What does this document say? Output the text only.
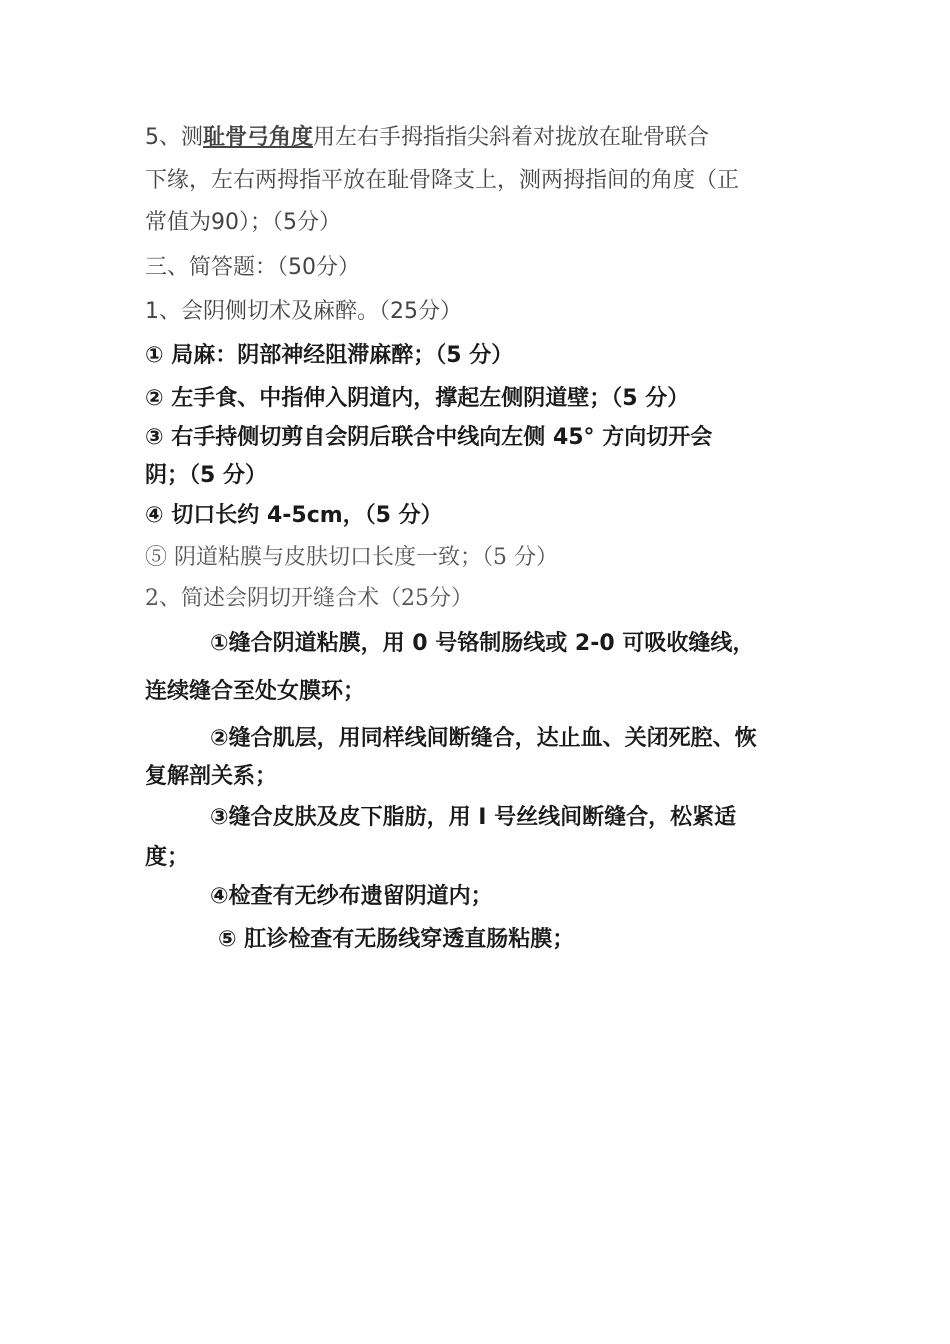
5、测耻骨弓角度用左右手拇指指尖斜着对拢放在耻骨联合
下缘，左右两拇指平放在耻骨降支上，测两拇指间的角度（正
常值为90）；（5分）
三、简答题：（50分）
1、会阴侧切术及麻醉。（25分）
① 局麻：阴部神经阻滞麻醉；（5 分）
② 左手食、中指伸入阴道内，撑起左侧阴道壁；（5 分）
③ 右手持侧切剪自会阴后联合中线向左侧 45° 方向切开会
阴；（5 分）
④ 切口长约 4-5cm，（5 分）
⑤ 阴道粘膜与皮肤切口长度一致；（5 分）
2、简述会阴切开缝合术（25分）
①缝合阴道粘膜，用 0 号铬制肠线或 2-0 可吸收缝线，
连续缝合至处女膜环；
②缝合肌层，用同样线间断缝合，达止血、关闭死腔、恢
复解剖关系；
③缝合皮肤及皮下脂肪，用 I 号丝线间断缝合，松紧适
度；
④检查有无纱布遗留阴道内；
⑤ 肛诊检查有无肠线穿透直肠粘膜；
